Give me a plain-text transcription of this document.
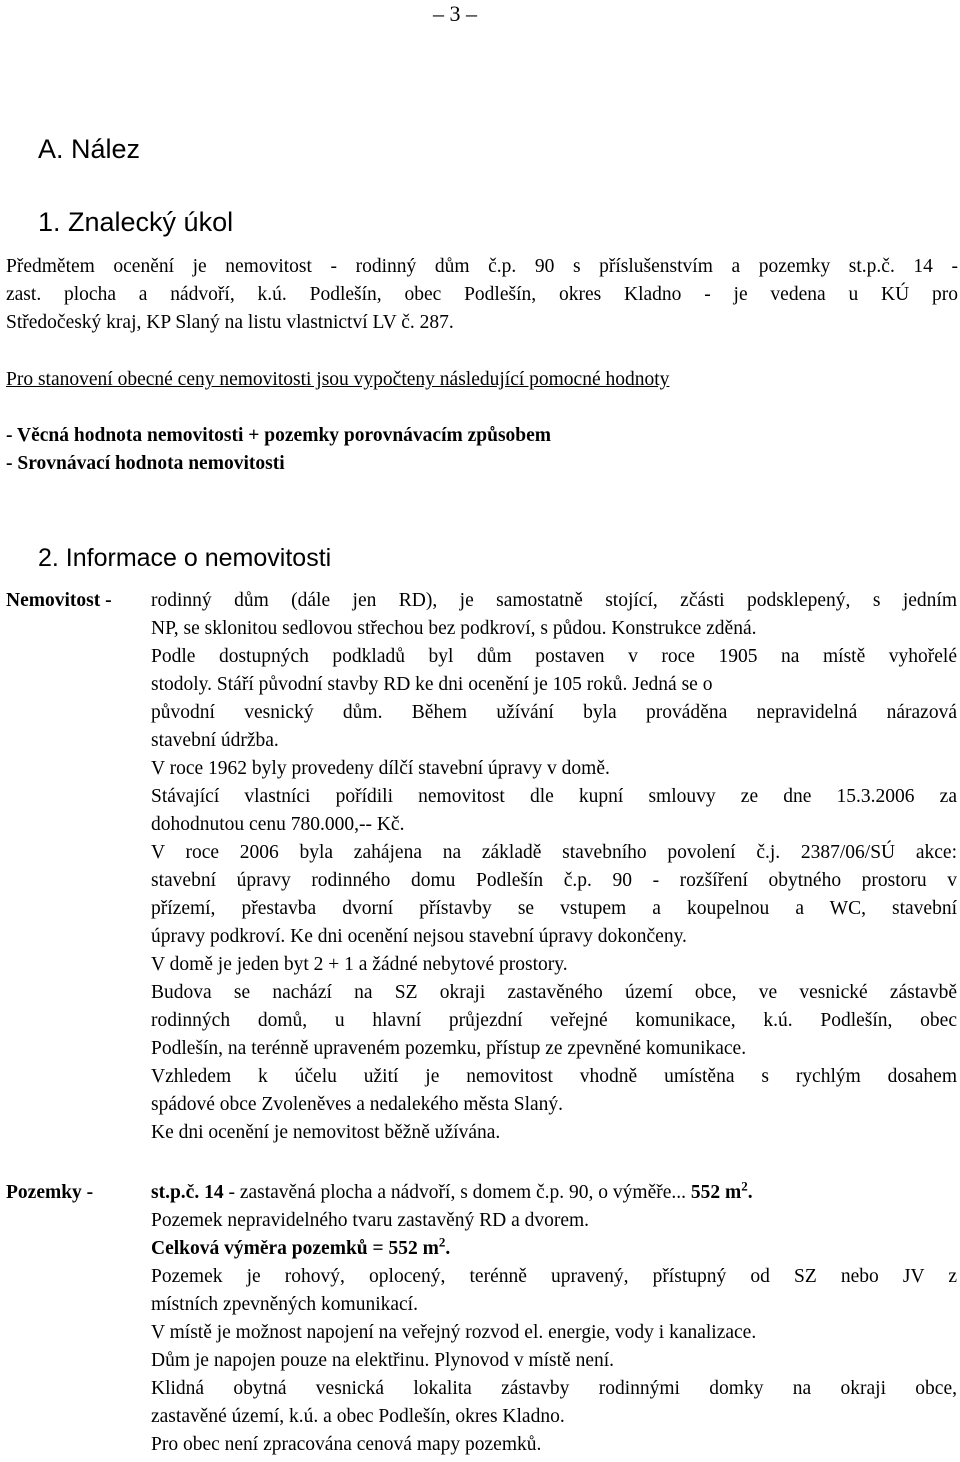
– 3 –
A. Nález
1. Znalecký úkol
Předmětem ocenění je nemovitost - rodinný dům č.p. 90 s příslušenstvím a pozemky st.p.č. 14 -
zast. plocha a nádvoří, k.ú. Podlešín, obec Podlešín, okres Kladno - je vedena u KÚ pro
Středočeský kraj, KP Slaný na listu vlastnictví LV č. 287.
Pro stanovení obecné ceny nemovitosti jsou vypočteny následující pomocné hodnoty
- Věcná hodnota nemovitosti + pozemky porovnávacím způsobem
- Srovnávací hodnota nemovitosti
2. Informace o nemovitosti
Nemovitost - rodinný dům (dále jen RD), je samostatně stojící, zčásti podsklepený, s jedním
NP, se sklonitou sedlovou střechou bez podkroví, s půdou. Konstrukce zděná.
Podle dostupných podkladů byl dům postaven v roce 1905 na místě vyhořelé
stodoly. Stáří původní stavby RD ke dni ocenění je 105 roků. Jedná se o
původní vesnický dům. Během užívání byla prováděna nepravidelná nárazová
stavební údržba.
V roce 1962 byly provedeny dílčí stavební úpravy v domě.
Stávající vlastníci pořídili nemovitost dle kupní smlouvy ze dne 15.3.2006 za
dohodnutou cenu 780.000,-- Kč.
V roce 2006 byla zahájena na základě stavebního povolení č.j. 2387/06/SÚ akce:
stavební úpravy rodinného domu Podlešín č.p. 90 - rozšíření obytného prostoru v
přízemí, přestavba dvorní přístavby se vstupem a koupelnou a WC, stavební
úpravy podkroví. Ke dni ocenění nejsou stavební úpravy dokončeny.
V domě je jeden byt 2 + 1 a žádné nebytové prostory.
Budova se nachází na SZ okraji zastavěného území obce, ve vesnické zástavbě
rodinných domů, u hlavní průjezdní veřejné komunikace, k.ú. Podlešín, obec
Podlešín, na terénně upraveném pozemku, přístup ze zpevněné komunikace.
Vzhledem k účelu užití je nemovitost vhodně umístěna s rychlým dosahem
spádové obce Zvoleněves a nedalekého města Slaný.
Ke dni ocenění je nemovitost běžně užívána.
Pozemky -	st.p.č. 14 - zastavěná plocha a nádvoří, s domem č.p. 90, o výměře... 552 $m^2$.
Pozemek nepravidelného tvaru zastavěný RD a dvorem.
Celková výměra pozemků = 552 $m^2$.
Pozemek je rohový, oplocený, terénně upravený, přístupný od SZ nebo JV z
místních zpevněných komunikací.
V místě je možnost napojení na veřejný rozvod el. energie, vody i kanalizace.
Dům je napojen pouze na elektřinu. Plynovod v místě není.
Klidná obytná vesnická lokalita zástavby rodinnými domky na okraji obce,
zastavěné území, k.ú. a obec Podlešín, okres Kladno.
Pro obec není zpracována cenová mapy pozemků.
